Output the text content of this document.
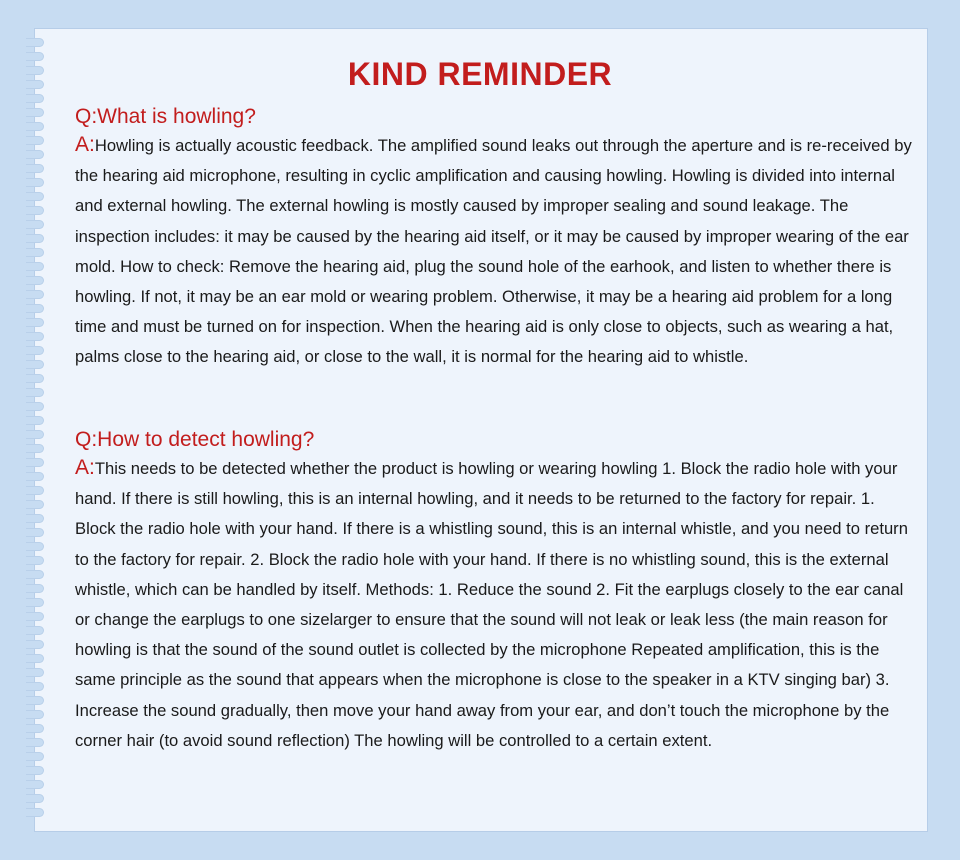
KIND REMINDER

Q:What is howling?

A:Howling is actually acoustic feedback. The amplified sound leaks out through the aperture and is re-received by the hearing aid microphone, resulting in cyclic amplification and causing howling. Howling is divided into internal and external howling. The external howling is mostly caused by improper sealing and sound leakage. The inspection includes: it may be caused by the hearing aid itself, or it may be caused by improper wearing of the ear mold. How to check: Remove the hearing aid, plug the sound hole of the earhook, and listen to whether there is howling. If not, it may be an ear mold or wearing problem. Otherwise, it may be a hearing aid problem for a long time and must be turned on for inspection. When the hearing aid is only close to objects, such as wearing a hat, palms close to the hearing aid, or close to the wall, it is normal for the hearing aid to whistle.

Q:How to detect howling?

A:This needs to be detected whether the product is howling or wearing howling 1. Block the radio hole with your hand. If there is still howling, this is an internal howling, and it needs to be returned to the factory for repair. 1. Block the radio hole with your hand. If there is a whistling sound, this is an internal whistle, and you need to return to the factory for repair. 2. Block the radio hole with your hand. If there is no whistling sound, this is the external whistle, which can be handled by itself. Methods: 1. Reduce the sound 2. Fit the earplugs closely to the ear canal or change the earplugs to one sizelarger to ensure that the sound will not leak or leak less (the main reason for howling is that the sound of the sound outlet is collected by the microphone Repeated amplification, this is the same principle as the sound that appears when the microphone is close to the speaker in a KTV singing bar) 3. Increase the sound gradually, then move your hand away from your ear, and don’t touch the microphone by the corner hair (to avoid sound reflection) The howling will be controlled to a certain extent.
